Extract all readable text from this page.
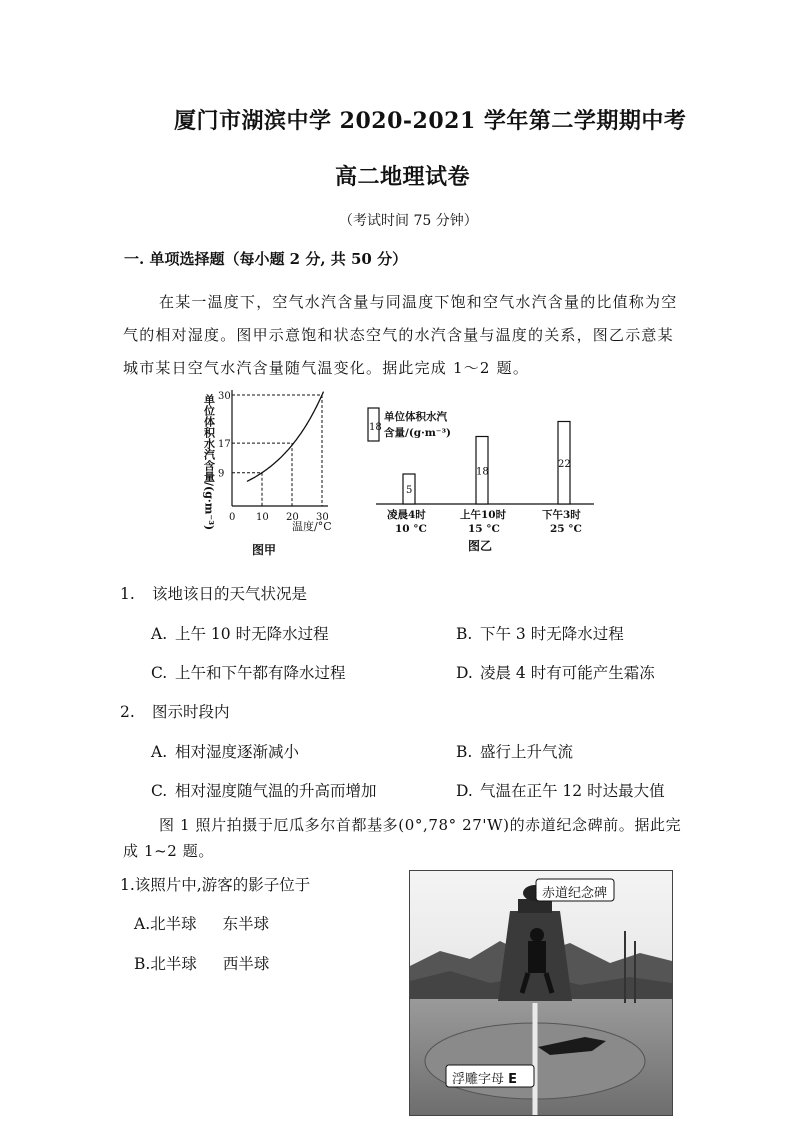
厦门市湖滨中学 2020-2021 学年第二学期期中考
高二地理试卷
（考试时间 75 分钟）
一. 单项选择题（每小题 2 分, 共 50 分）
在某一温度下，空气水汽含量与同温度下饱和空气水汽含量的比值称为空气的相对湿度。图甲示意饱和状态空气的水汽含量与温度的关系，图乙示意某城市某日空气水汽含量随气温变化。据此完成 1～2 题。
单位体积水汽含量/(g·m⁻³) 9
17
30
0 10 20 30
温度/°C
图甲
18
单位体积水汽
含量/(g·m⁻³)
5
凌晨4时
10 °C
18
上午10时
15 °C
22
下午3时
25 °C
图乙
1. 该地该日的天气状况是
A. 上午 10 时无降水过程	B. 下午 3 时无降水过程
C. 上午和下午都有降水过程	D. 凌晨 4 时有可能产生霜冻
2. 图示时段内
A. 相对湿度逐渐减小	B. 盛行上升气流
C. 相对湿度随气温的升高而增加	D. 气温在正午 12 时达最大值
图 1 照片拍摄于厄瓜多尔首都基多(0°,78° 27'W)的赤道纪念碑前。据此完成 1~2 题。
1.该照片中,游客的影子位于
A.北半球 东半球
B.北半球 西半球
赤道纪念碑
浮雕字母 E
